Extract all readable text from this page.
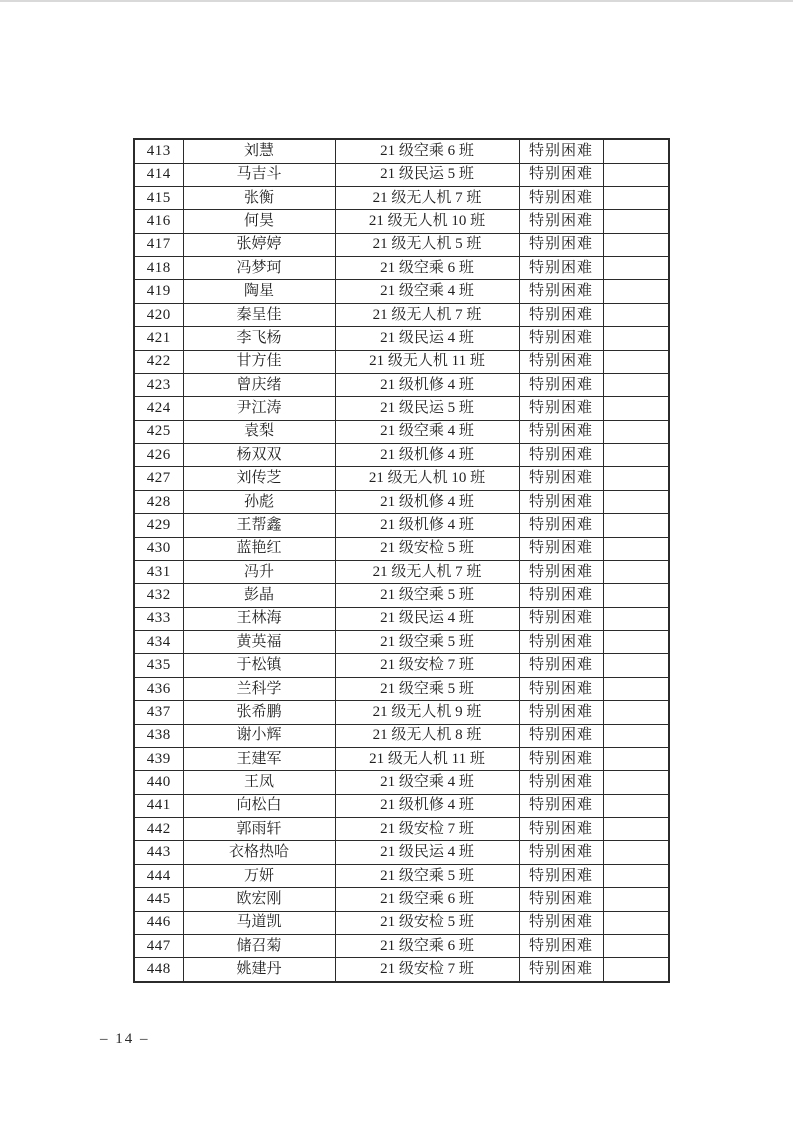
413	刘慧	21 级空乘 6 班	特别困难	
414	马吉斗	21 级民运 5 班	特别困难	
415	张衡	21 级无人机 7 班	特别困难	
416	何昊	21 级无人机 10 班	特别困难	
417	张婷婷	21 级无人机 5 班	特别困难	
418	冯梦珂	21 级空乘 6 班	特别困难	
419	陶星	21 级空乘 4 班	特别困难	
420	秦呈佳	21 级无人机 7 班	特别困难	
421	李飞杨	21 级民运 4 班	特别困难	
422	甘方佳	21 级无人机 11 班	特别困难	
423	曾庆绪	21 级机修 4 班	特别困难	
424	尹江涛	21 级民运 5 班	特别困难	
425	袁梨	21 级空乘 4 班	特别困难	
426	杨双双	21 级机修 4 班	特别困难	
427	刘传芝	21 级无人机 10 班	特别困难	
428	孙彪	21 级机修 4 班	特别困难	
429	王帮鑫	21 级机修 4 班	特别困难	
430	蓝艳红	21 级安检 5 班	特别困难	
431	冯升	21 级无人机 7 班	特别困难	
432	彭晶	21 级空乘 5 班	特别困难	
433	王林海	21 级民运 4 班	特别困难	
434	黄英福	21 级空乘 5 班	特别困难	
435	于松镇	21 级安检 7 班	特别困难	
436	兰科学	21 级空乘 5 班	特别困难	
437	张希鹏	21 级无人机 9 班	特别困难	
438	谢小辉	21 级无人机 8 班	特别困难	
439	王建军	21 级无人机 11 班	特别困难	
440	王凤	21 级空乘 4 班	特别困难	
441	向松白	21 级机修 4 班	特别困难	
442	郭雨轩	21 级安检 7 班	特别困难	
443	衣格热哈	21 级民运 4 班	特别困难	
444	万妍	21 级空乘 5 班	特别困难	
445	欧宏刚	21 级空乘 6 班	特别困难	
446	马道凯	21 级安检 5 班	特别困难	
447	储召菊	21 级空乘 6 班	特别困难	
448	姚建丹	21 级安检 7 班	特别困难	
– 14 –
